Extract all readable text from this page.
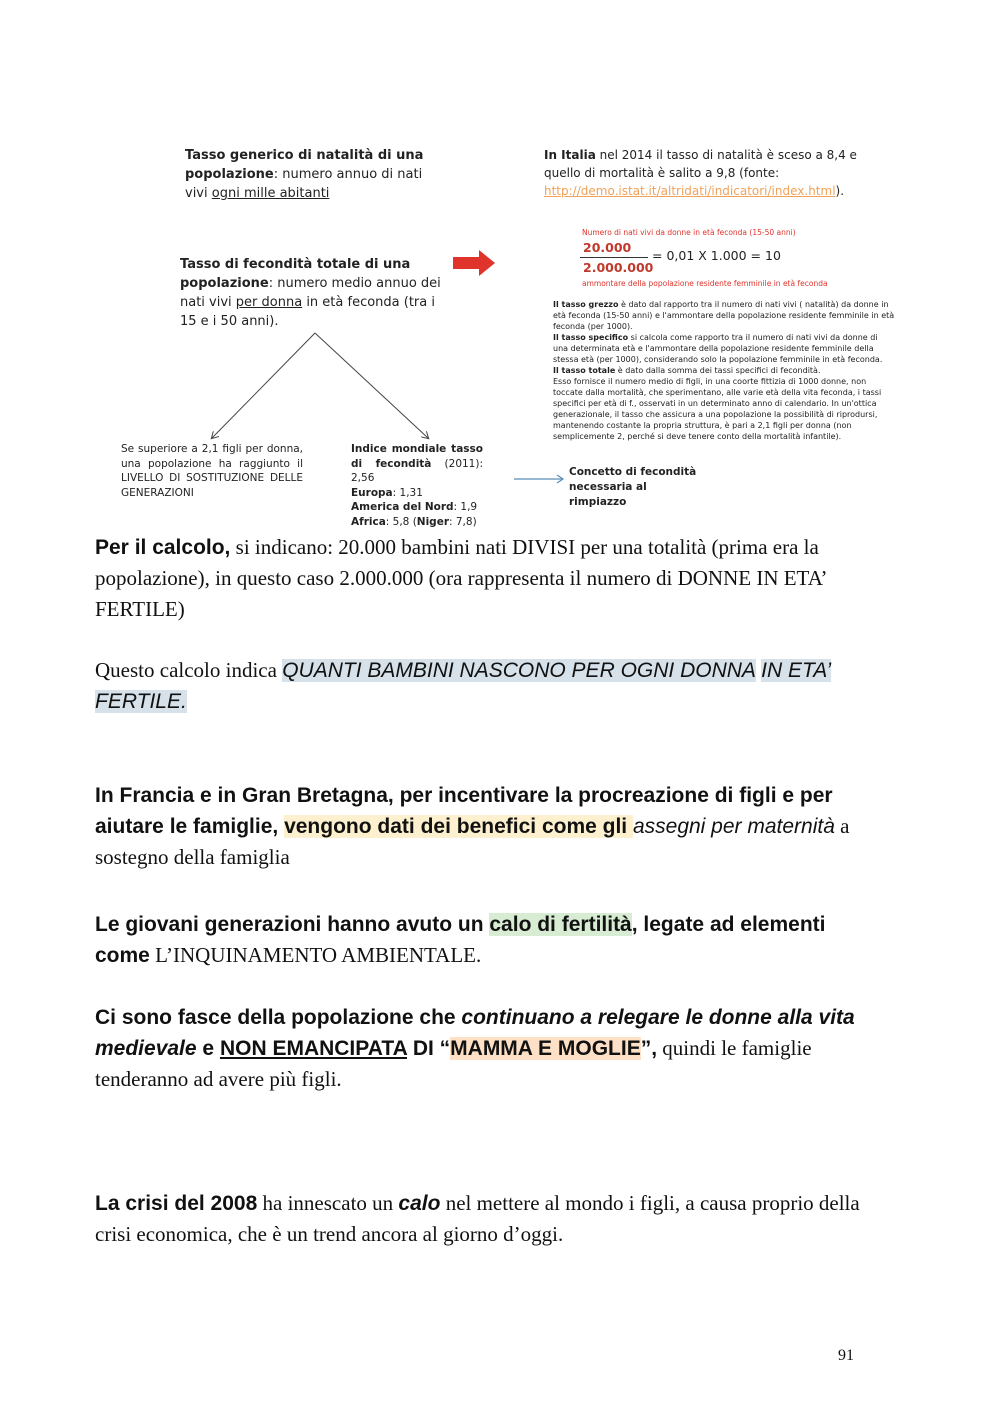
Tasso generico di natalità di una popolazione: numero annuo di nati vivi ogni mille abitanti
Tasso di fecondità totale di una popolazione: numero medio annuo dei nati vivi per donna in età feconda (tra i 15 e i 50 anni).
Se superiore a 2,1 figli per donna, una popolazione ha raggiunto il LIVELLO DI SOSTITUZIONE DELLE GENERAZIONI
Indice mondiale tasso di fecondità (2011): 2,56
Europa: 1,31
America del Nord: 1,9
Africa: 5,8 (Niger: 7,8)
In Italia nel 2014 il tasso di natalità è sceso a 8,4 e quello di mortalità è salito a 9,8 (fonte: http://demo.istat.it/altridati/indicatori/index.html).
Numero di nati vivi da donne in età feconda (15-50 anni)
20.000
2.000.000
= 0,01 X 1.000 = 10
ammontare della popolazione residente femminile in età feconda
Il tasso grezzo è dato dal rapporto tra il numero di nati vivi ( natalità) da donne in età feconda (15-50 anni) e l'ammontare della popolazione residente femminile in età feconda (per 1000).
Il tasso specifico si calcola come rapporto tra il numero di nati vivi da donne di una determinata età e l'ammontare della popolazione residente femminile della stessa età (per 1000), considerando solo la popolazione femminile in età feconda.
Il tasso totale è dato dalla somma dei tassi specifici di fecondità.
Esso fornisce il numero medio di figli, in una coorte fittizia di 1000 donne, non toccate dalla mortalità, che sperimentano, alle varie età della vita feconda, i tassi specifici per età di f., osservati in un determinato anno di calendario. In un'ottica generazionale, il tasso che assicura a una popolazione la possibilità di riprodursi, mantenendo costante la propria struttura, è pari a 2,1 figli per donna (non semplicemente 2, perché si deve tenere conto della mortalità infantile).
Concetto di fecondità necessaria al rimpiazzo
Per il calcolo, si indicano: 20.000 bambini nati DIVISI per una totalità (prima era la popolazione), in questo caso 2.000.000 (ora rappresenta il numero di DONNE IN ETA’ FERTILE)
Questo calcolo indica QUANTI BAMBINI NASCONO PER OGNI DONNA IN ETA’ FERTILE.
In Francia e in Gran Bretagna, per incentivare la procreazione di figli e per aiutare le famiglie, vengono dati dei benefici come gli assegni per maternità a sostegno della famiglia
Le giovani generazioni hanno avuto un calo di fertilità, legate ad elementi come L’INQUINAMENTO AMBIENTALE.
Ci sono fasce della popolazione che continuano a relegare le donne alla vita medievale e NON EMANCIPATA DI “MAMMA E MOGLIE”, quindi le famiglie tenderanno ad avere più figli.
La crisi del 2008 ha innescato un calo nel mettere al mondo i figli, a causa proprio della crisi economica, che è un trend ancora al giorno d’oggi.
91
